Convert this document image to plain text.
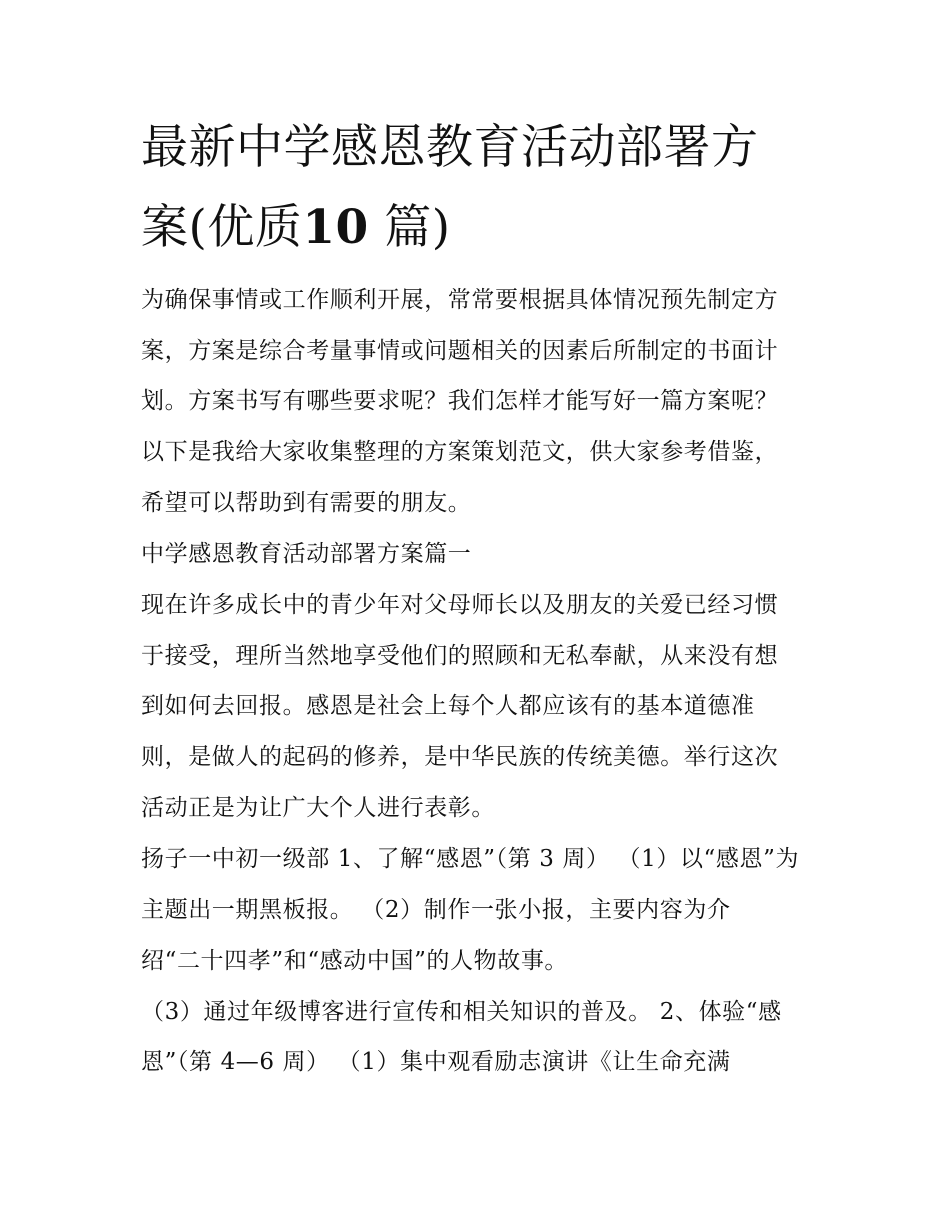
最新中学感恩教育活动部署方
案(优质10 篇)

为确保事情或工作顺利开展，常常要根据具体情况预先制定方

案，方案是综合考量事情或问题相关的因素后所制定的书面计

划。方案书写有哪些要求呢？我们怎样才能写好一篇方案呢？

以下是我给大家收集整理的方案策划范文，供大家参考借鉴，

希望可以帮助到有需要的朋友。

中学感恩教育活动部署方案篇一

现在许多成长中的青少年对父母师长以及朋友的关爱已经习惯

于接受，理所当然地享受他们的照顾和无私奉献，从来没有想

到如何去回报。感恩是社会上每个人都应该有的基本道德准

则，是做人的起码的修养，是中华民族的传统美德。举行这次

活动正是为让广大个人进行表彰。

扬子一中初一级部 1、了解“感恩”（第 3 周） （1）以“感恩”为

主题出一期黑板报。 （2）制作一张小报，主要内容为介

绍“二十四孝”和“感动中国”的人物故事。

（3）通过年级博客进行宣传和相关知识的普及。 2、体验“感

恩”（第 4—6 周） （1）集中观看励志演讲《让生命充满
